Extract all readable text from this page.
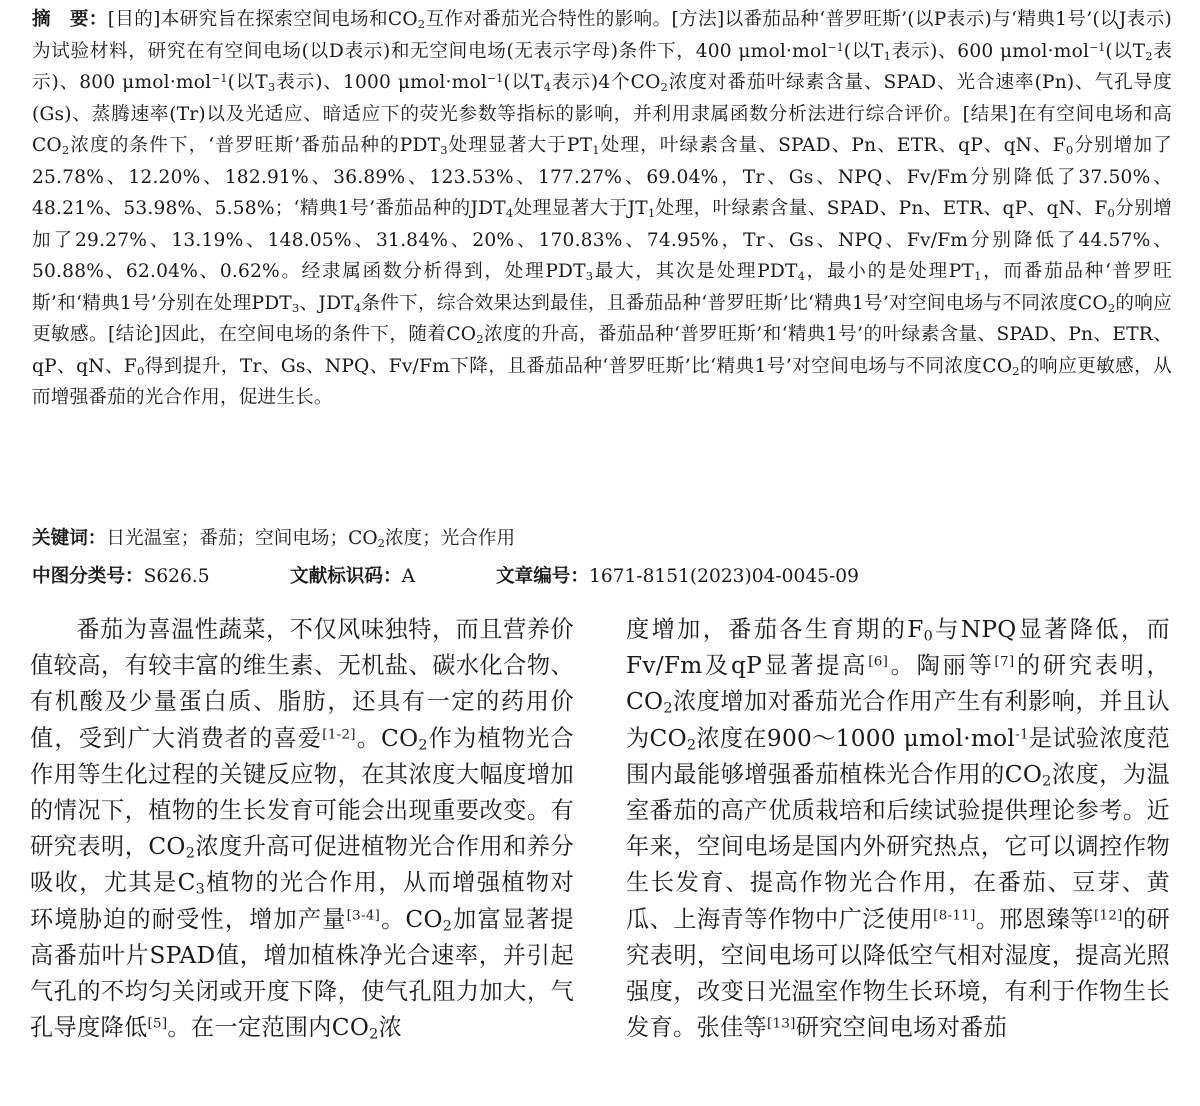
摘　要：[目的]本研究旨在探索空间电场和$CO_2$互作对番茄光合特性的影响。[方法]以番茄品种‘普罗旺斯’(以P表示)与‘精典1号’(以J表示)为试验材料，研究在有空间电场(以D表示)和无空间电场(无表示字母)条件下，400 μmol·mol$^{-1}$(以$T_1$表示)、600 μmol·mol$^{-1}$(以$T_2$表示)、800 μmol·mol$^{-1}$(以$T_3$表示)、1000 μmol·mol$^{-1}$(以$T_4$表示)4个$CO_2$浓度对番茄叶绿素含量、SPAD、光合速率(Pn)、气孔导度(Gs)、蒸腾速率(Tr)以及光适应、暗适应下的荧光参数等指标的影响，并利用隶属函数分析法进行综合评价。[结果]在有空间电场和高$CO_2$浓度的条件下，‘普罗旺斯’番茄品种的$PDT_3$处理显著大于$PT_1$处理，叶绿素含量、SPAD、Pn、ETR、qP、qN、$F_0$分别增加了25.78%、12.20%、182.91%、36.89%、123.53%、177.27%、69.04%，Tr、Gs、NPQ、Fv/Fm分别降低了37.50%、48.21%、53.98%、5.58%；‘精典1号’番茄品种的$JDT_4$处理显著大于$JT_1$处理，叶绿素含量、SPAD、Pn、ETR、qP、qN、$F_0$分别增加了29.27%、13.19%、148.05%、31.84%、20%、170.83%、74.95%，Tr、Gs、NPQ、Fv/Fm分别降低了44.57%、50.88%、62.04%、0.62%。经隶属函数分析得到，处理$PDT_3$最大，其次是处理$PDT_4$，最小的是处理$PT_1$，而番茄品种‘普罗旺斯’和‘精典1号’分别在处理$PDT_3$、$JDT_4$条件下，综合效果达到最佳，且番茄品种‘普罗旺斯’比‘精典1号’对空间电场与不同浓度$CO_2$的响应更敏感。[结论]因此，在空间电场的条件下，随着$CO_2$浓度的升高，番茄品种‘普罗旺斯’和‘精典1号’的叶绿素含量、SPAD、Pn、ETR、qP、qN、$F_0$得到提升，Tr、Gs、NPQ、Fv/Fm下降，且番茄品种‘普罗旺斯’比‘精典1号’对空间电场与不同浓度$CO_2$的响应更敏感，从而增强番茄的光合作用，促进生长。

关键词：日光温室；番茄；空间电场；$CO_2$浓度；光合作用
中图分类号：S626.5	文献标识码：A	文章编号：1671-8151(2023)04-0045-09

番茄为喜温性蔬菜，不仅风味独特，而且营养价值较高，有较丰富的维生素、无机盐、碳水化合物、有机酸及少量蛋白质、脂肪，还具有一定的药用价值，受到广大消费者的喜爱[1-2]。$CO_2$作为植物光合作用等生化过程的关键反应物，在其浓度大幅度增加的情况下，植物的生长发育可能会出现重要改变。有研究表明，$CO_2$浓度升高可促进植物光合作用和养分吸收，尤其是$C_3$植物的光合作用，从而增强植物对环境胁迫的耐受性，增加产量[3-4]。$CO_2$加富显著提高番茄叶片SPAD值，增加植株净光合速率，并引起气孔的不均匀关闭或开度下降，使气孔阻力加大，气孔导度降低[5]。在一定范围内$CO_2$浓

度增加，番茄各生育期的$F_0$与NPQ显著降低，而Fv/Fm及qP显著提高[6]。陶丽等[7]的研究表明，$CO_2$浓度增加对番茄光合作用产生有利影响，并且认为$CO_2$浓度在900～1000 μmol·mol$^{-1}$是试验浓度范围内最能够增强番茄植株光合作用的$CO_2$浓度，为温室番茄的高产优质栽培和后续试验提供理论参考。近年来，空间电场是国内外研究热点，它可以调控作物生长发育、提高作物光合作用，在番茄、豆芽、黄瓜、上海青等作物中广泛使用[8-11]。邢恩臻等[12]的研究表明，空间电场可以降低空气相对湿度，提高光照强度，改变日光温室作物生长环境，有利于作物生长发育。张佳等[13]研究空间电场对番茄
